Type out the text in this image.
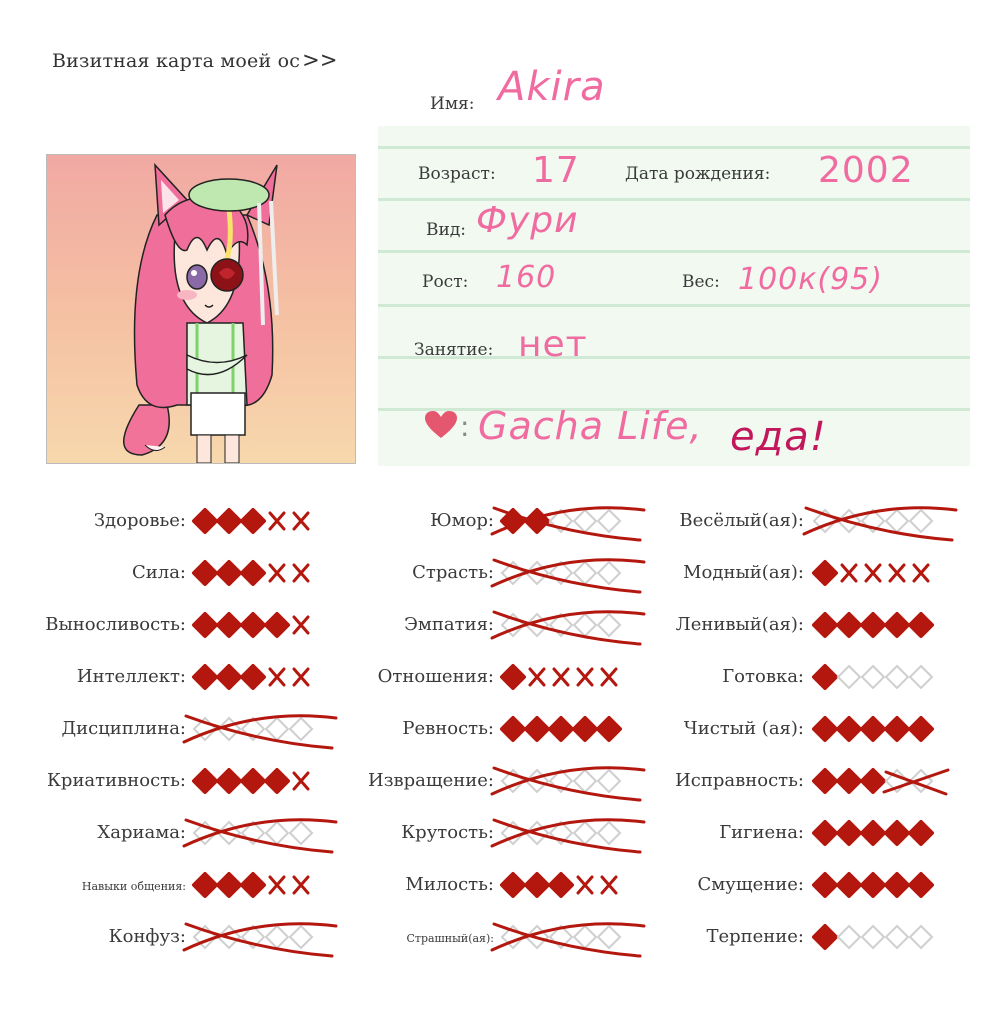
Визитная карта моей ос>>
Имя: Akira
Возраст: 17	Дата рождения: 2002
Вид: Фури
Рост: 160	Вес: 100к(95)
Занятие: нет
: Gacha Life, еда!
Здоровье:
Сила:
Выносливость:
Интеллект:
Дисциплина:
Криативность:
Хариама:
Навыки общения:
Конфуз:
Юмор:
Страсть:
Эмпатия:
Отношения:
Ревность:
Извращение:
Крутость:
Милость:
Страшный(ая):
Весёлый(ая):
Модный(ая):
Ленивый(ая):
Готовка:
Чистый (ая):
Исправность:
Гигиена:
Смущение:
Терпение:
